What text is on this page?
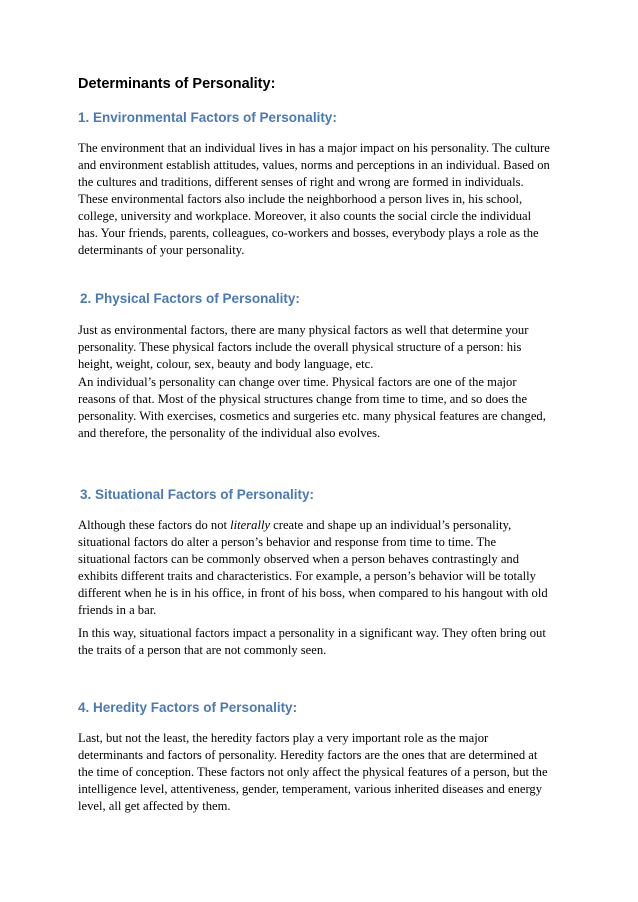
Determinants of Personality:
1. Environmental Factors of Personality:

The environment that an individual lives in has a major impact on his personality. The culture
and environment establish attitudes, values, norms and perceptions in an individual. Based on
the cultures and traditions, different senses of right and wrong are formed in individuals.
These environmental factors also include the neighborhood a person lives in, his school,
college, university and workplace. Moreover, it also counts the social circle the individual
has. Your friends, parents, colleagues, co-workers and bosses, everybody plays a role as the
determinants of your personality.

2. Physical Factors of Personality:

Just as environmental factors, there are many physical factors as well that determine your
personality. These physical factors include the overall physical structure of a person: his
height, weight, colour, sex, beauty and body language, etc.

An individual’s personality can change over time. Physical factors are one of the major
reasons of that. Most of the physical structures change from time to time, and so does the
personality. With exercises, cosmetics and surgeries etc. many physical features are changed,
and therefore, the personality of the individual also evolves.

3. Situational Factors of Personality:

Although these factors do not literally create and shape up an individual’s personality,
situational factors do alter a person’s behavior and response from time to time. The
situational factors can be commonly observed when a person behaves contrastingly and
exhibits different traits and characteristics. For example, a person’s behavior will be totally
different when he is in his office, in front of his boss, when compared to his hangout with old
friends in a bar.

In this way, situational factors impact a personality in a significant way. They often bring out
the traits of a person that are not commonly seen.

4. Heredity Factors of Personality:

Last, but not the least, the heredity factors play a very important role as the major
determinants and factors of personality. Heredity factors are the ones that are determined at
the time of conception. These factors not only affect the physical features of a person, but the
intelligence level, attentiveness, gender, temperament, various inherited diseases and energy
level, all get affected by them.
